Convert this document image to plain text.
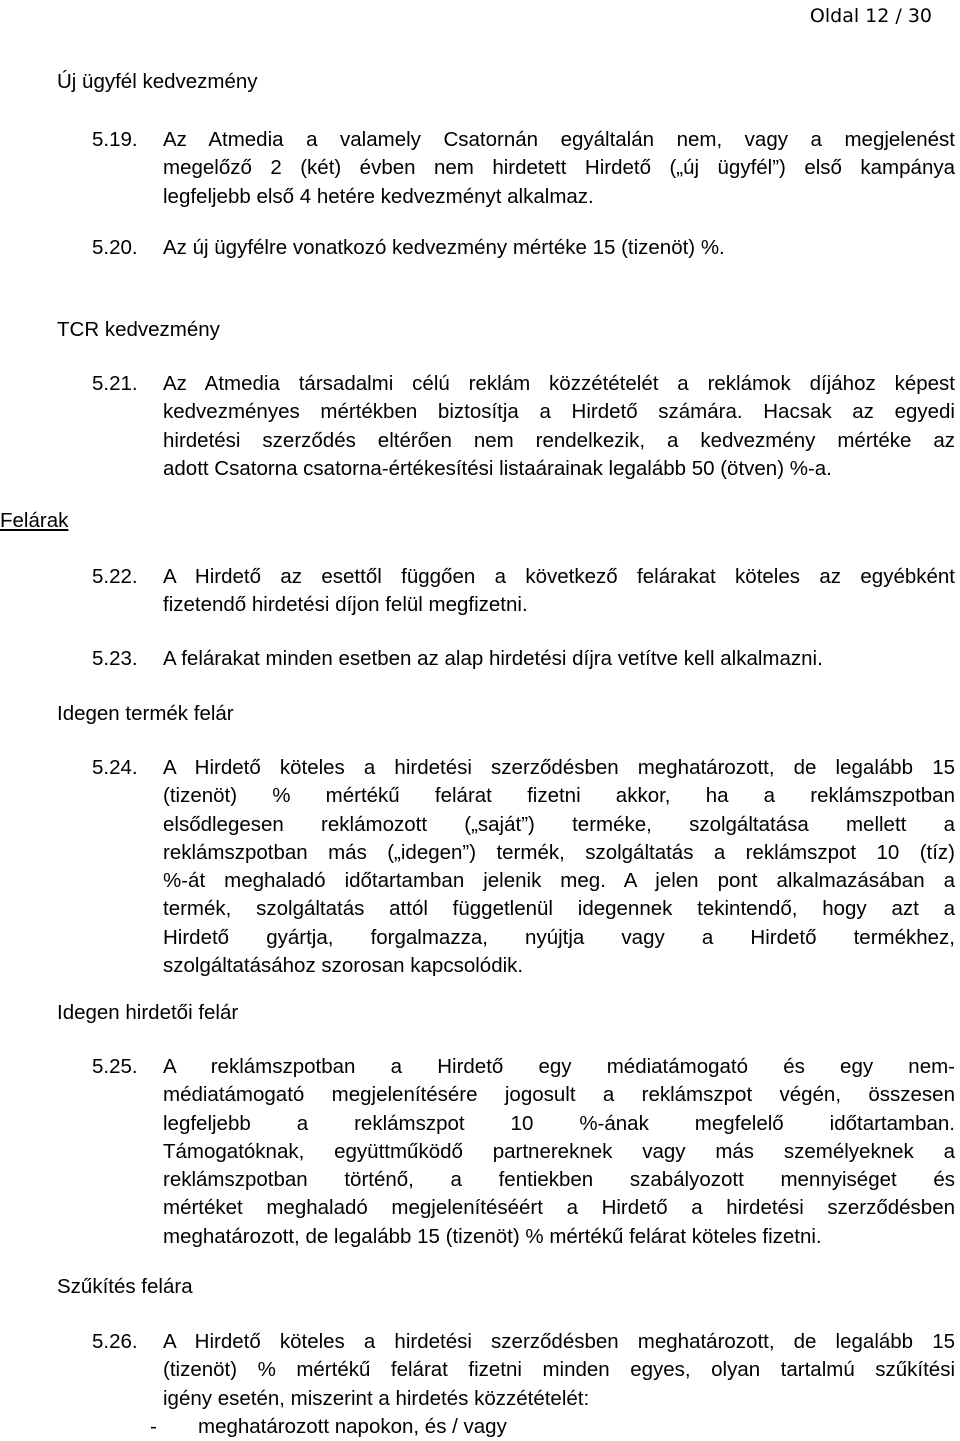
Oldal 12 / 30
Új ügyfél kedvezmény
5.19. Az Atmedia a valamely Csatornán egyáltalán nem, vagy a megjelenést
megelőző 2 (két) évben nem hirdetett Hirdető („új ügyfél”) első kampánya
legfeljebb első 4 hetére kedvezményt alkalmaz.
5.20. Az új ügyfélre vonatkozó kedvezmény mértéke 15 (tizenöt) %.
TCR kedvezmény
5.21. Az Atmedia társadalmi célú reklám közzétételét a reklámok díjához képest
kedvezményes mértékben biztosítja a Hirdető számára. Hacsak az egyedi
hirdetési szerződés eltérően nem rendelkezik, a kedvezmény mértéke az
adott Csatorna csatorna-értékesítési listaárainak legalább 50 (ötven) %-a.
Felárak
5.22. A Hirdető az esettől függően a következő felárakat köteles az egyébként
fizetendő hirdetési díjon felül megfizetni.
5.23. A felárakat minden esetben az alap hirdetési díjra vetítve kell alkalmazni.
Idegen termék felár
5.24. A Hirdető köteles a hirdetési szerződésben meghatározott, de legalább 15
(tizenöt) % mértékű felárat fizetni akkor, ha a reklámszpotban
elsődlegesen reklámozott („saját”) terméke, szolgáltatása mellett a
reklámszpotban más („idegen”) termék, szolgáltatás a reklámszpot 10 (tíz)
%-át meghaladó időtartamban jelenik meg. A jelen pont alkalmazásában a
termék, szolgáltatás attól függetlenül idegennek tekintendő, hogy azt a
Hirdető gyártja, forgalmazza, nyújtja vagy a Hirdető termékhez,
szolgáltatásához szorosan kapcsolódik.
Idegen hirdetői felár
5.25. A reklámszpotban a Hirdető egy médiatámogató és egy nem-
médiatámogató megjelenítésére jogosult a reklámszpot végén, összesen
legfeljebb a reklámszpot 10 %-ának megfelelő időtartamban.
Támogatóknak, együttműködő partnereknek vagy más személyeknek a
reklámszpotban történő, a fentiekben szabályozott mennyiséget és
mértéket meghaladó megjelenítéséért a Hirdető a hirdetési szerződésben
meghatározott, de legalább 15 (tizenöt) % mértékű felárat köteles fizetni.
Szűkítés felára
5.26. A Hirdető köteles a hirdetési szerződésben meghatározott, de legalább 15
(tizenöt) % mértékű felárat fizetni minden egyes, olyan tartalmú szűkítési
igény esetén, miszerint a hirdetés közzétételét:
- meghatározott napokon, és / vagy
